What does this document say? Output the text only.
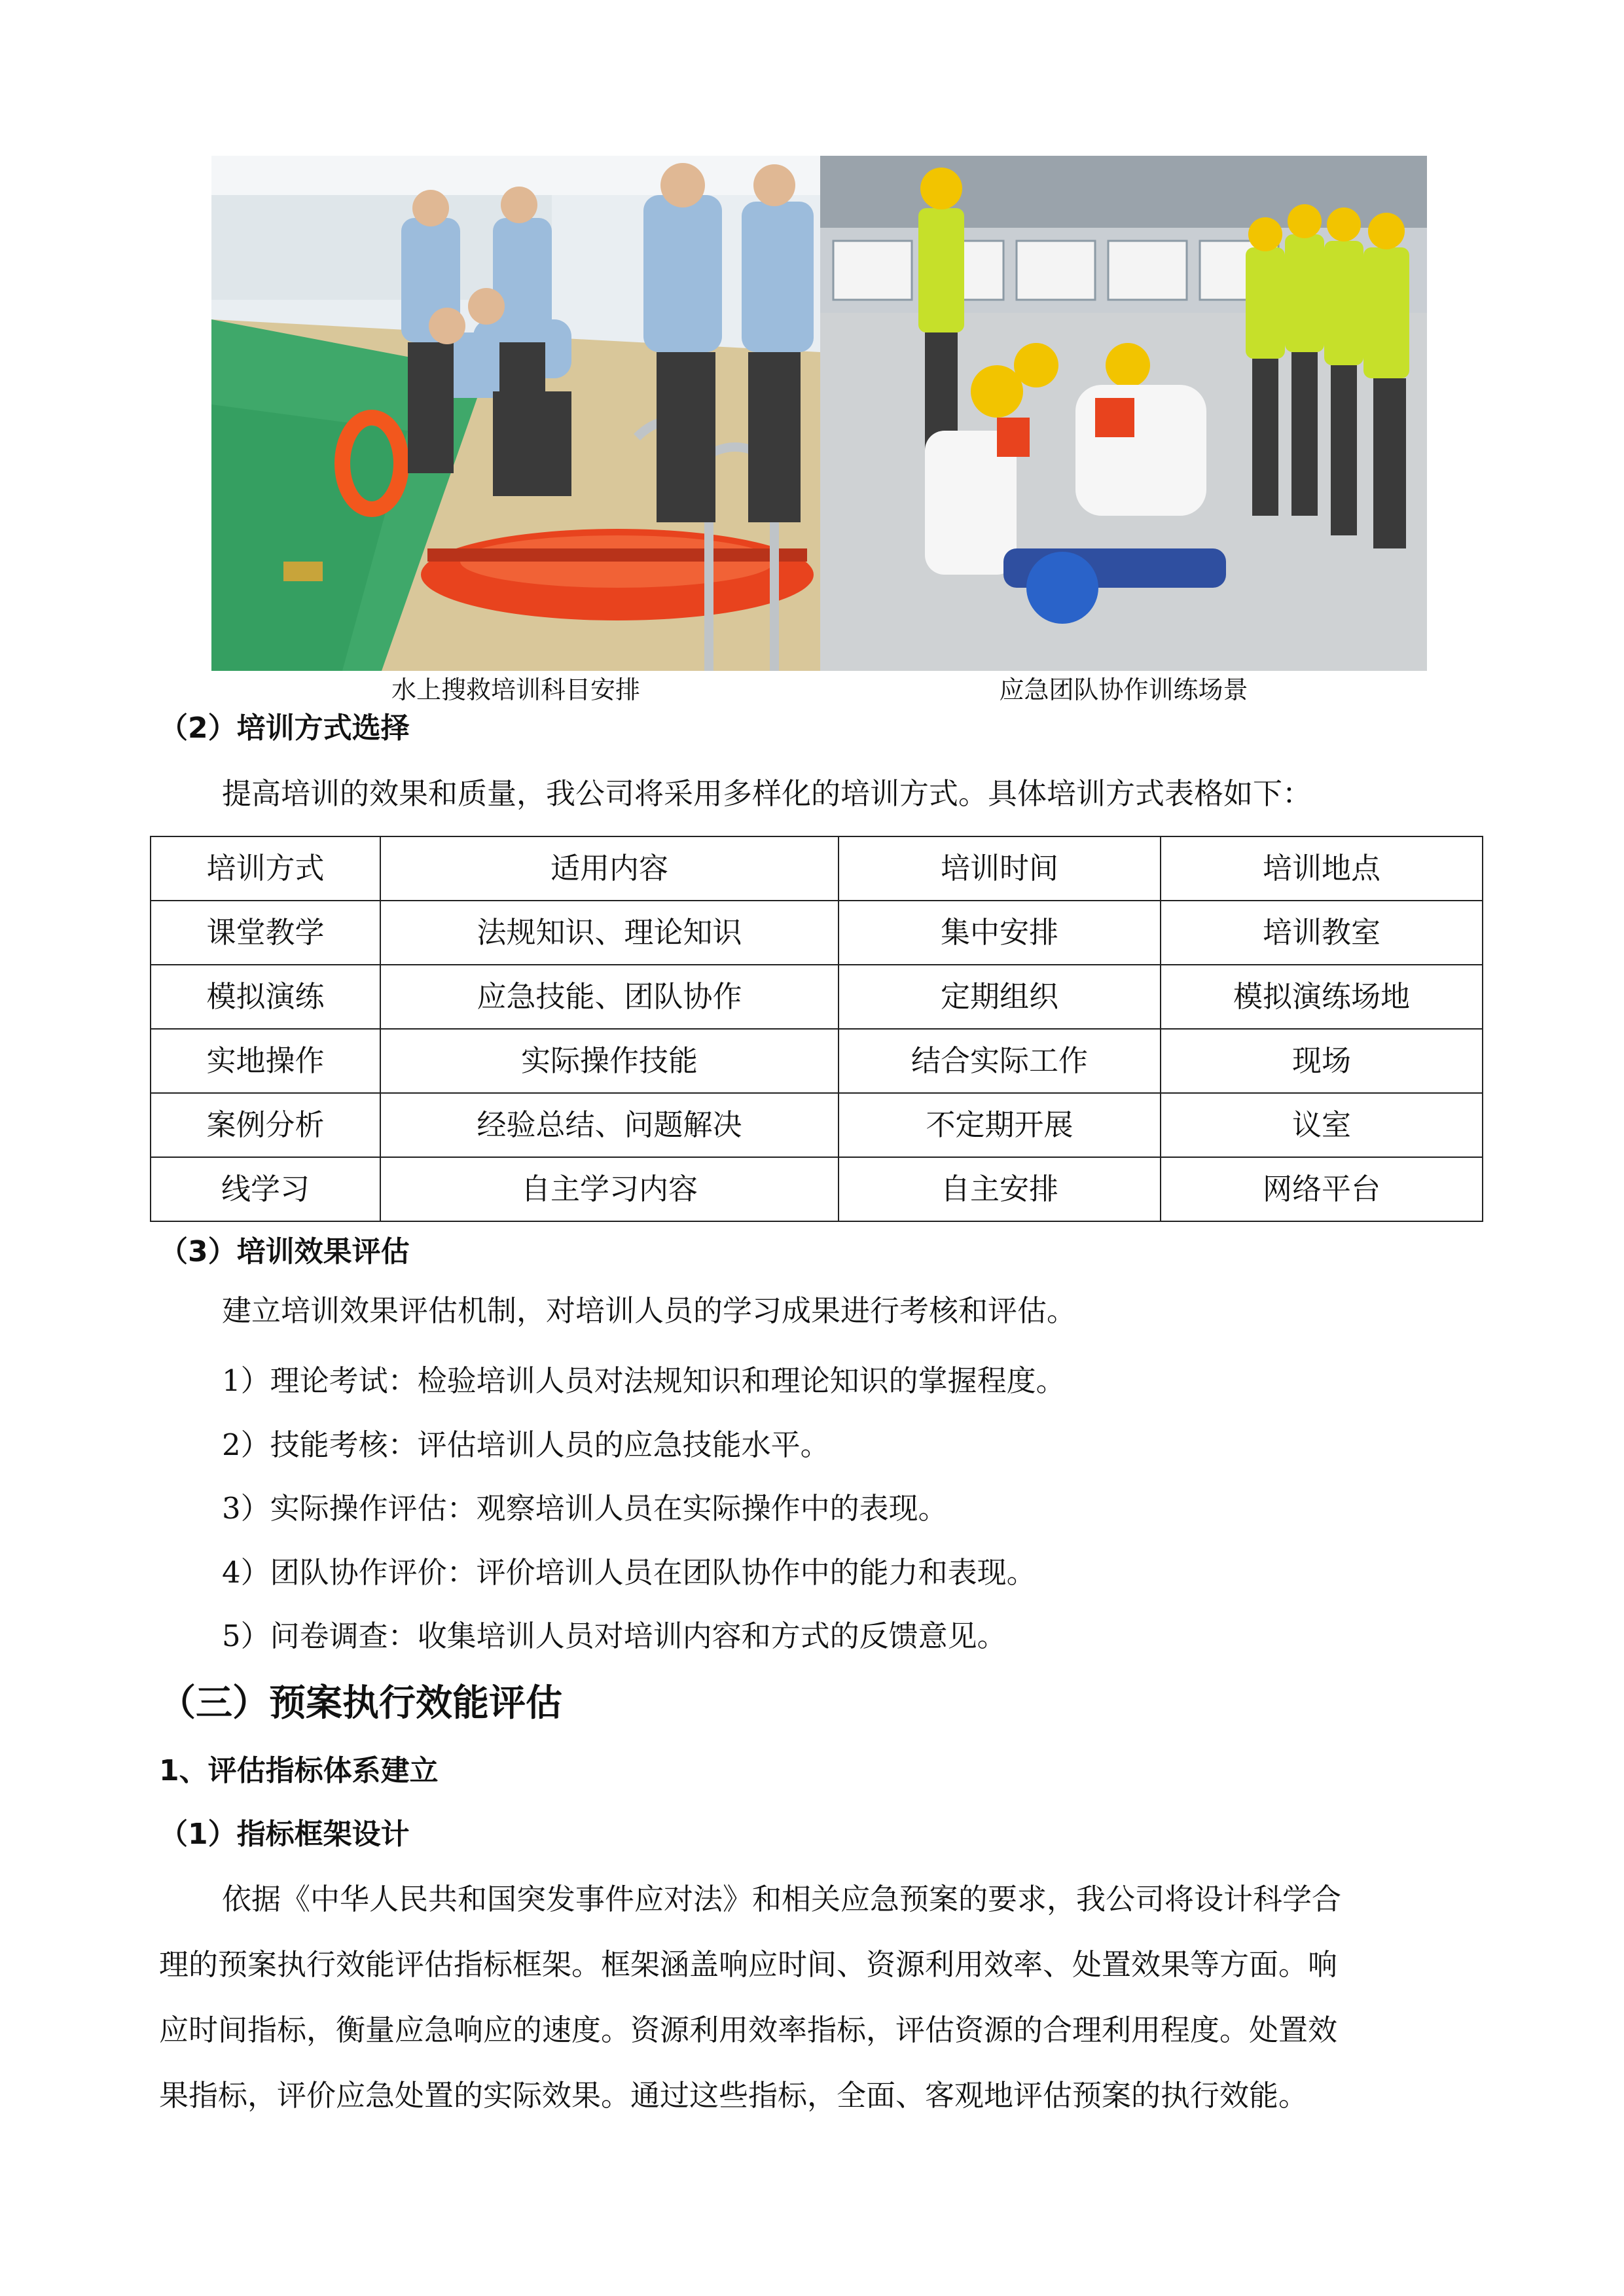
水上搜救培训科目安排	应急团队协作训练场景
（2）培训方式选择
提高培训的效果和质量，我公司将采用多样化的培训方式。具体培训方式表格如下：
培训方式	适用内容	培训时间	培训地点
课堂教学	法规知识、理论知识	集中安排	培训教室
模拟演练	应急技能、团队协作	定期组织	模拟演练场地
实地操作	实际操作技能	结合实际工作	现场
案例分析	经验总结、问题解决	不定期开展	议室
线学习	自主学习内容	自主安排	网络平台
（3）培训效果评估
建立培训效果评估机制，对培训人员的学习成果进行考核和评估。
1）理论考试：检验培训人员对法规知识和理论知识的掌握程度。
2）技能考核：评估培训人员的应急技能水平。
3）实际操作评估：观察培训人员在实际操作中的表现。
4）团队协作评价：评价培训人员在团队协作中的能力和表现。
5）问卷调查：收集培训人员对培训内容和方式的反馈意见。
（三）预案执行效能评估
1、评估指标体系建立
（1）指标框架设计
依据《中华人民共和国突发事件应对法》和相关应急预案的要求，我公司将设计科学合
理的预案执行效能评估指标框架。框架涵盖响应时间、资源利用效率、处置效果等方面。响
应时间指标，衡量应急响应的速度。资源利用效率指标，评估资源的合理利用程度。处置效
果指标，评价应急处置的实际效果。通过这些指标，全面、客观地评估预案的执行效能。
